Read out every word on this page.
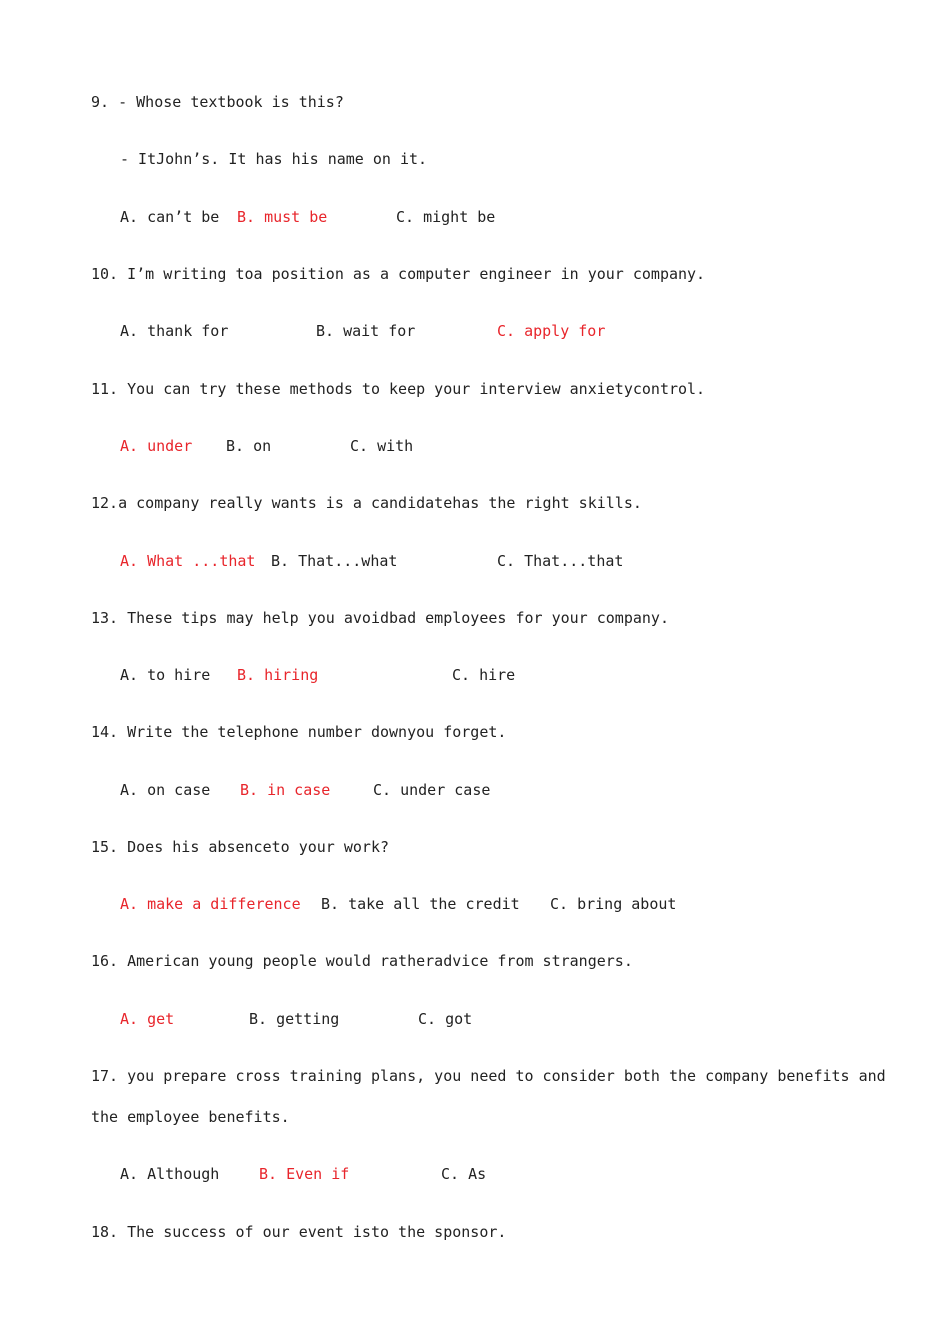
9. - Whose textbook is this?
- ItJohn’s. It has his name on it.
A. can’t be B. must be	C. might be
10. I’m writing toa position as a computer engineer in your company.
A. thank for	B. wait for	C. apply for
11. You can try these methods to keep your interview anxietycontrol.
A. under B. on	C. with
12.a company really wants is a candidatehas the right skills.
A. What ...that B. That...what	C. That...that
13. These tips may help you avoidbad employees for your company.
A. to hire B. hiring	C. hire
14. Write the telephone number downyou forget.
A. on case B. in case	C. under case
15. Does his absenceto your work?
A. make a difference B. take all the credit C. bring about
16. American young people would ratheradvice from strangers.
A. get	B. getting	C. got
17. you prepare cross training plans, you need to consider both the company benefits and
the employee benefits.
A. Although	B. Even if	C. As
18. The success of our event isto the sponsor.
